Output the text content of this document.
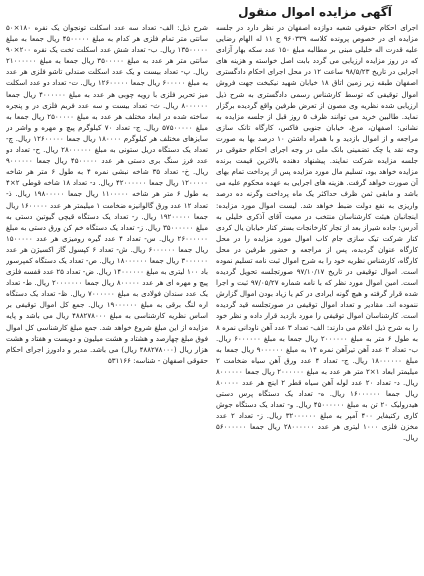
آگهی مزایده اموال منقول

اجرای احکام حقوقی شعبه دوازده اصفهان در نظر دارد در جلسه مزایده ای در خصوص پرونده کلاسه ۹۶۰۳۳۹ ج ۱۱ له الهام رضایی علیه قدرت اله خلیلی مبنی بر مطالبه مبلغ ۱۵۰ عدد سکه بهار آزادی که در روز مزایده ارزیابی می گردد بابت اصل خواسته و هزینه های اجرایی در تاریخ ۹۸/۵/۲۳ ساعت ۱۲ در محل اجرای احکام دادگستری اصفهان طبقه زیر زمین اتاق ۱۸ خیابان شهید نیکبخت جهت فروش اموال توقیفی که توسط کارشناس رسمی دادگستری به شرح ذیل ارزیابی شده نظریه وی مصون از تعرض طرفین واقع گردیده برگزار نماید. طالبین خرید می توانند ظرف ۵ روز قبل از جلسه مزایده به نشانی: اصفهان، مرغ، خیابان جنوبی فاکس، کارگاه تانک سازی مراجعه و از اموال بازدید و با همراه داشتن ۱۰ درصد بها به صورت وجه نقد یا چک تضمینی بانک ملی در وجه اجرای احکام حقوقی در جلسه مزایده شرکت نمایند. پیشنهاد دهنده بالاترین قیمت برنده مزایده خواهد بود، تسلیم مال مورد مزایده پس از پرداخت تمام بهای آن صورت خواهد گرفت. هزینه های اجرایی به عهده محکوم علیه می باشد و مابقی ثمن ظرف حداکثر یک ماه پرداخت وگرنه ده درصد واریزی به نفع دولت ضبط خواهد شد. لیست اموال مورد مزایده: اینجانبان هیئت کارشناسان منتخب در معیت آقای آذکری خلیلی به آدرس: جاده شیراز بعد از تجار کارخانجات بستر کنار خیابان یال کردی کنار شرکت تیک سازی جام کاب اموال مورد مزایده را در محل کارگاه عنوان گردیده، پس از مراجعه و حضور طرفین در محل کارگاه، کارشناس نظریه خود را به شرح اموال ثبت نامه تسلیم نموده است. اموال توقیفی در تاریخ ۹۷/۱۰/۱۷ صورتجلسه تحویل گردیده است. امین اموال مورد نظر که با نامه شماره ۹۷/۰۵/۲۷ ثبت و اجرا شده قرار گرفته و هیچ گونه ایرادی در کم یا زیاد بودن اموال گزارش ننموده اند. مقادیر و تعداد اموال توقیفی در صورتجلسه قید گردیده است. کارشناسان اموال توقیفی را مورد بازدید قرار داده و نظر خود را به شرح ذیل اعلام می دارند: الف- تعداد ۳ عدد آهن ناودانی نمره ۸ به طول ۶ متر به مبلغ ۲۰۰۰۰۰۰ ریال جمعا به مبلغ ۶۰۰۰۰۰۰ ریال. ب- تعداد ۲ عدد آهن تیرآهن نمره ۱۴ به مبلغ ۹۰۰۰۰۰۰ ریال جمعا به مبلغ ۱۸۰۰۰۰۰۰ ریال. ج- تعداد ۴ عدد ورق آهن سیاه ضخامت ۲ میلیمتر ابعاد ۱×۲ متر هر عدد به مبلغ ۲۰۰۰۰۰۰ ریال جمعا ۸۰۰۰۰۰۰ ریال. د- تعداد ۲۰ عدد لوله آهن سیاه قطر ۲ اینچ هر عدد ۸۰۰۰۰۰ ریال جمعا ۱۶۰۰۰۰۰۰ ریال. ه- تعداد یک دستگاه پرس دستی هیدرولیک ۲۰ تن به مبلغ ۴۵۰۰۰۰۰۰ ریال. و- تعداد یک دستگاه جوش کاری رکتیفایر ۴۰۰ آمپر به مبلغ ۳۲۰۰۰۰۰۰ ریال. ز- تعداد ۲ عدد مخزن فلزی ۱۰۰۰ لیتری هر عدد ۲۸۰۰۰۰۰۰ ریال جمعا ۵۶۰۰۰۰۰۰ ریال.

شرح ذیل: الف- تعداد سه عدد اسکلت تونجوان یک نفره ۱۸۰×۵۰ سانتی متر تمام فلزی هر کدام به مبلغ ۴۵۰۰۰۰۰ ریال جمعا به مبلغ ۱۳۵۰۰۰۰۰ ریال. ب- تعداد شش عدد اسکلت تخت یک نفره ۲۰۰×۹۰ سانتی متر هر عدد به مبلغ ۳۵۰۰۰۰۰ ریال جمعا به مبلغ ۲۱۰۰۰۰۰۰ ریال. پ- تعداد بیست و یک عدد اسکلت صندلی تاشو فلزی هر عدد به مبلغ ۶۰۰۰۰۰ ریال جمعا ۱۲۶۰۰۰۰۰ ریال. ت- تعداد دو عدد اسکلت میز تحریر فلزی با رویه چوبی هر عدد به مبلغ ۴۰۰۰۰۰۰ ریال جمعا ۸۰۰۰۰۰۰ ریال. ث- تعداد بیست و سه عدد فریم فلزی در و پنجره ساخته شده در ابعاد مختلف هر عدد به مبلغ ۲۵۰۰۰۰۰ ریال جمعا به مبلغ ۵۷۵۰۰۰۰۰ ریال. ج- تعداد ۷۰ کیلوگرم پیچ و مهره و واشر در سایزهای مختلف هر کیلوگرم ۱۸۰۰۰۰ ریال جمعا ۱۲۶۰۰۰۰۰ ریال. چ- تعداد یک دستگاه دریل ستونی به مبلغ ۲۸۰۰۰۰۰۰ ریال. ح- تعداد دو عدد فرز سنگ بری دستی هر عدد ۴۵۰۰۰۰۰ ریال جمعا ۹۰۰۰۰۰۰ ریال. خ- تعداد ۳۵ شاخه نبشی نمره ۴ به طول ۶ متر هر شاخه ۱۲۰۰۰۰۰ ریال جمعا ۴۲۰۰۰۰۰۰ ریال. د- تعداد ۱۸ شاخه قوطی ۲×۴ به طول ۶ متر هر شاخه ۱۱۰۰۰۰۰ ریال جمعا ۱۹۸۰۰۰۰۰ ریال. ذ- تعداد ۱۲ عدد ورق گالوانیزه ضخامت ۱ میلیمتر هر عدد ۱۶۰۰۰۰۰ ریال جمعا ۱۹۲۰۰۰۰۰ ریال. ر- تعداد یک دستگاه قیچی گیوتین دستی به مبلغ ۳۵۰۰۰۰۰۰ ریال. ز- تعداد یک دستگاه خم کن ورق دستی به مبلغ ۲۶۰۰۰۰۰۰ ریال. س- تعداد ۴ عدد گیره رومیزی هر عدد ۱۵۰۰۰۰۰ ریال جمعا ۶۰۰۰۰۰۰ ریال. ش- تعداد ۶ کپسول گاز اکسیژن هر عدد ۳۰۰۰۰۰۰ ریال جمعا ۱۸۰۰۰۰۰۰ ریال. ص- تعداد یک دستگاه کمپرسور باد ۱۰۰ لیتری به مبلغ ۱۴۰۰۰۰۰۰ ریال. ض- تعداد ۲۵ عدد قفسه فلزی پیچ و مهره ای هر عدد ۸۰۰۰۰۰ ریال جمعا ۲۰۰۰۰۰۰۰ ریال. ط- تعداد یک عدد سندان فولادی به مبلغ ۷۰۰۰۰۰۰ ریال. ظ- تعداد یک دستگاه اره لنگ برقی به مبلغ ۱۹۰۰۰۰۰۰ ریال. جمع کل اموال توقیفی بر اساس نظریه کارشناسی به مبلغ ۴۸۸۲۷۸۰۰۰ ریال می باشد و پایه مزایده از این مبلغ شروع خواهد شد. جمع مبلغ کارشناسی کل اموال فوق مبلغ چهارصد و هشتاد و هشت میلیون و دویست و هفتاد و هشت هزار ریال (۴۸۸۲۷۸۰۰۰ ریال) می باشد. مدیر و دادورز اجرای احکام حقوقی اصفهان - شناسه: ۵۳۱۱۶۶
